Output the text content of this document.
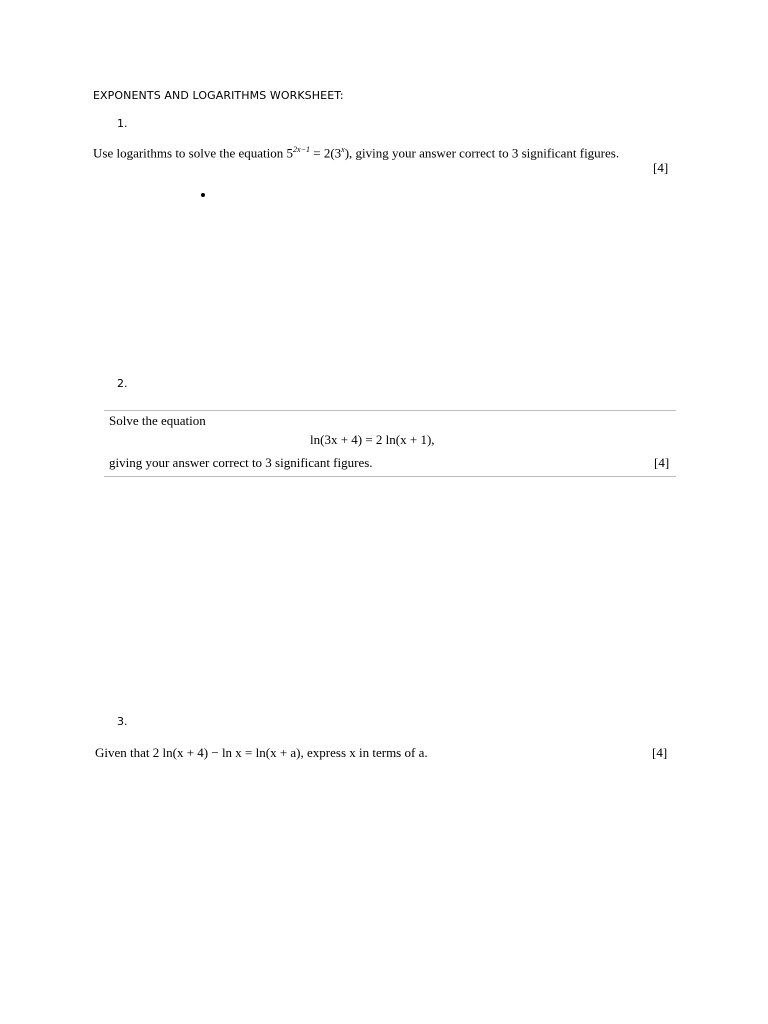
EXPONENTS AND LOGARITHMS WORKSHEET:
1.
Use logarithms to solve the equation $5^{2x-1} = 2(3^x)$, giving your answer correct to 3 significant figures.
[4]
2.
Solve the equation
ln(3x + 4) = 2 ln(x + 1),
giving your answer correct to 3 significant figures.	[4]
3.
Given that 2 ln(x + 4) − ln x = ln(x + a), express x in terms of a.	[4]
